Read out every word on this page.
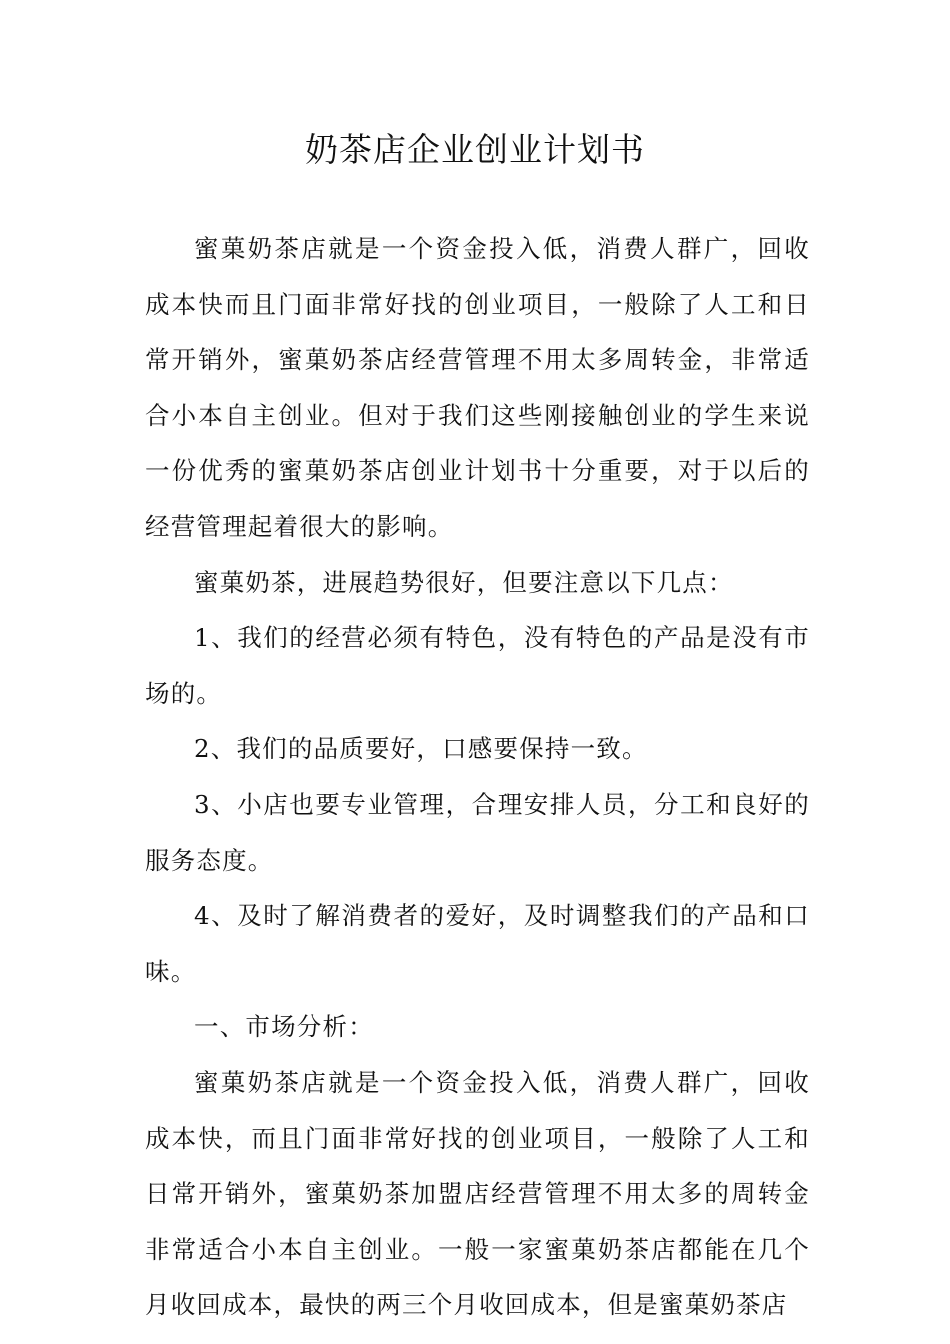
奶茶店企业创业计划书

蜜菓奶茶店就是一个资金投入低，消费人群广，回收成本快而且门面非常好找的创业项目，一般除了人工和日常开销外，蜜菓奶茶店经营管理不用太多周转金，非常适合小本自主创业。但对于我们这些刚接触创业的学生来说一份优秀的蜜菓奶茶店创业计划书十分重要，对于以后的经营管理起着很大的影响。

蜜菓奶茶，进展趋势很好，但要注意以下几点：

1、我们的经营必须有特色，没有特色的产品是没有市场的。

2、我们的品质要好，口感要保持一致。

3、小店也要专业管理，合理安排人员，分工和良好的服务态度。

4、及时了解消费者的爱好，及时调整我们的产品和口味。

一、市场分析：

蜜菓奶茶店就是一个资金投入低，消费人群广，回收成本快，而且门面非常好找的创业项目，一般除了人工和日常开销外，蜜菓奶茶加盟店经营管理不用太多的周转金非常适合小本自主创业。一般一家蜜菓奶茶店都能在几个月收回成本，最快的两三个月收回成本，但是蜜菓奶茶店
